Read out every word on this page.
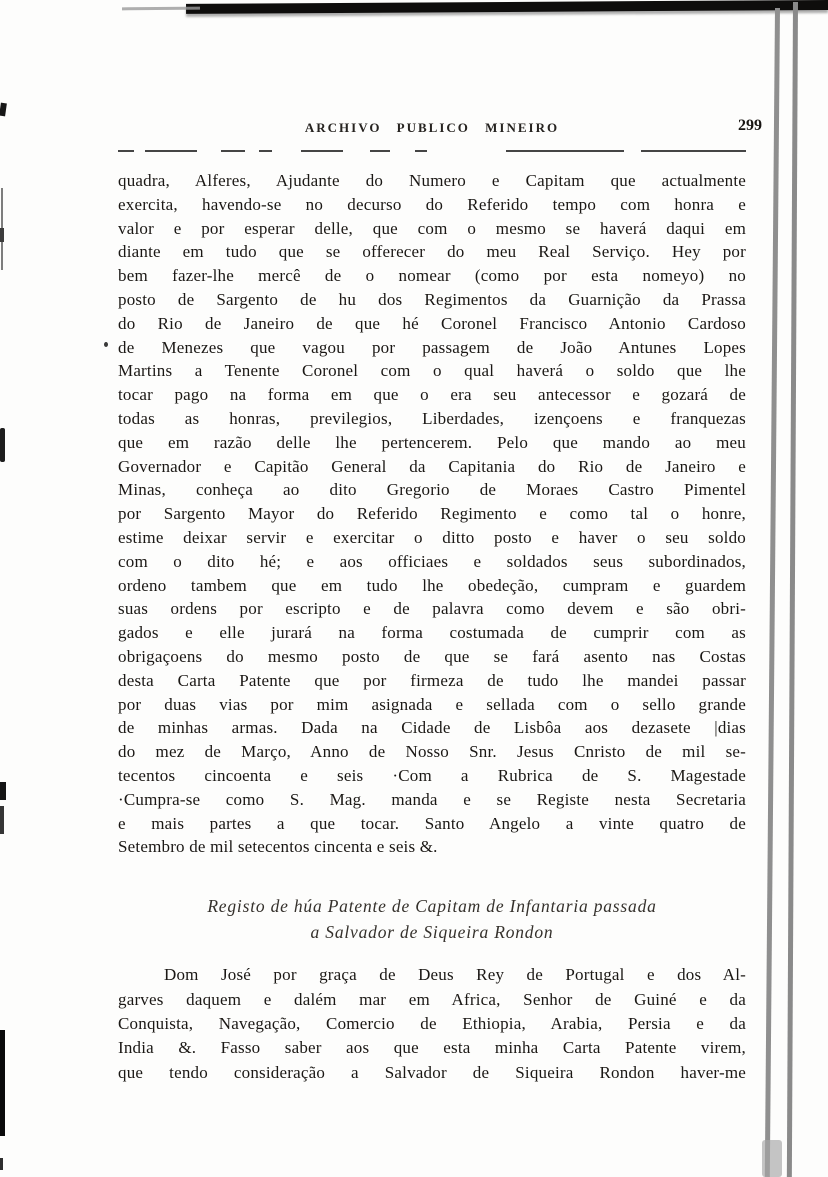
ARCHIVO PUBLICO MINEIRO	299
quadra, Alferes, Ajudante do Numero e Capitam que actualmente
exercita, havendo-se no decurso do Referido tempo com honra e
valor e por esperar delle, que com o mesmo se haverá daqui em
diante em tudo que se offerecer do meu Real Serviço. Hey por
bem fazer-lhe mercê de o nomear (como por esta nomeyo) no
posto de Sargento de hu dos Regimentos da Guarnição da Prassa
do Rio de Janeiro de que hé Coronel Francisco Antonio Cardoso
de Menezes que vagou por passagem de João Antunes Lopes
Martins a Tenente Coronel com o qual haverá o soldo que lhe
tocar pago na forma em que o era seu antecessor e gozará de
todas as honras, previlegios, Liberdades, izençoens e franquezas
que em razão delle lhe pertencerem. Pelo que mando ao meu
Governador e Capitão General da Capitania do Rio de Janeiro e
Minas, conheça ao dito Gregorio de Moraes Castro Pimentel
por Sargento Mayor do Referido Regimento e como tal o honre,
estime deixar servir e exercitar o ditto posto e haver o seu soldo
com o dito hé; e aos officiaes e soldados seus subordinados,
ordeno tambem que em tudo lhe obedeção, cumpram e guardem
suas ordens por escripto e de palavra como devem e são obri-
gados e elle jurará na forma costumada de cumprir com as
obrigaçoens do mesmo posto de que se fará asento nas Costas
desta Carta Patente que por firmeza de tudo lhe mandei passar
por duas vias por mim asignada e sellada com o sello grande
de minhas armas. Dada na Cidade de Lisbôa aos dezasete |dias
do mez de Março, Anno de Nosso Snr. Jesus Cnristo de mil se-
tecentos cincoenta e seis ·Com a Rubrica de S. Magestade
·Cumpra-se como S. Mag. manda e se Registe nesta Secretaria
e mais partes a que tocar. Santo Angelo a vinte quatro de
Setembro de mil setecentos cincenta e seis &.
Registo de húa Patente de Capitam de Infantaria passada
a Salvador de Siqueira Rondon
Dom José por graça de Deus Rey de Portugal e dos Al-
garves daquem e dalém mar em Africa, Senhor de Guiné e da
Conquista, Navegação, Comercio de Ethiopia, Arabia, Persia e da
India &. Fasso saber aos que esta minha Carta Patente virem,
que tendo consideração a Salvador de Siqueira Rondon haver-me
